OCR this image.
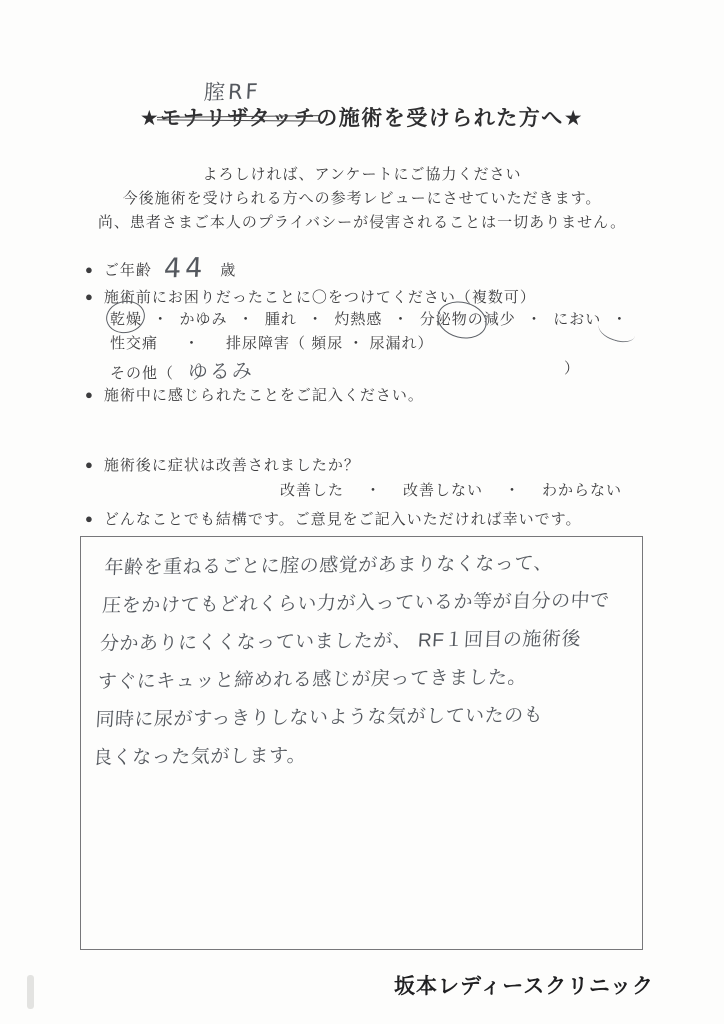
腟RF
★モナリザタッチの施術を受けられた方へ★
よろしければ、アンケートにご協力ください
今後施術を受けられる方への参考レビューにさせていただきます。
尚、患者さまご本人のプライバシーが侵害されることは一切ありません。
● ご年齢 44 歳
● 施術前にお困りだったことに〇をつけてください（複数可）
乾燥 ・ かゆみ ・ 腫れ ・ 灼熱感 ・ 分泌物の減少 ・ におい ・
性交痛 ・ 排尿障害（ 頻尿 ・ 尿漏れ）
その他（ ゆるみ	）
● 施術中に感じられたことをご記入ください。
● 施術後に症状は改善されましたか？
改善した ・ 改善しない ・ わからない
● どんなことでも結構です。ご意見をご記入いただければ幸いです。
年齢を重ねるごとに腟の感覚があまりなくなって、
圧をかけてもどれくらい力が入っているか等が自分の中で
分かありにくくなっていましたが、 RF１回目の施術後
すぐにキュッと締めれる感じが戻ってきました。
同時に尿がすっきりしないような気がしていたのも
良くなった気がします。
坂本レディースクリニック
